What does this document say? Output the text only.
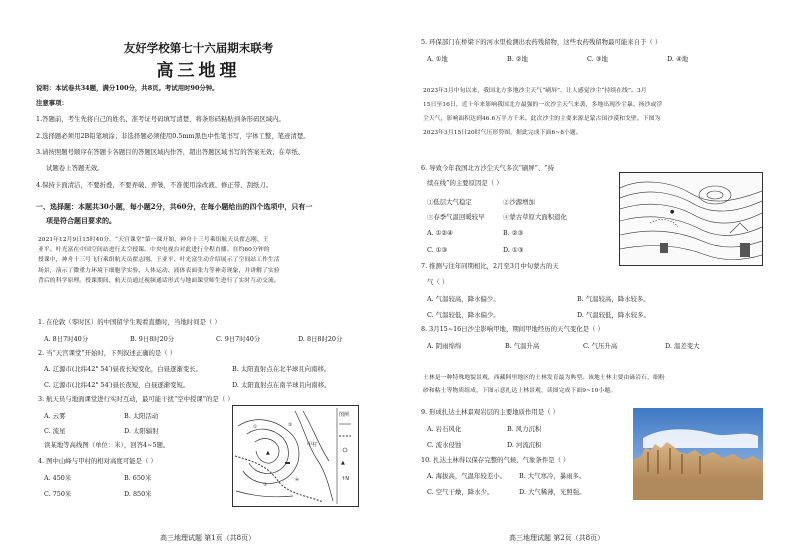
友好学校第七十六届期末联考
高三地理
说明：本试卷共34题，满分100分，共8页。考试用时90分钟。
注意事项：
1.答题前，考生先将自己的姓名、准考证号码填写清楚，将条形码粘贴到条形码区域内。
2.选择题必须用2B铅笔填涂；非选择题必须使用0.5mm黑色中性笔书写，字体工整，笔迹清楚。
3.请按照题号顺序在答题卡各题目的答题区域内作答，超出答题区域书写的答案无效；在草纸、
试题卷上答题无效。
4.保持卡面清洁，不要折叠，不要弄破、弄皱，不准使用涂改液、修正带、刮纸刀。
一、选择题：本题共30小题，每小题2分，共60分，在每小题给出的四个选项中，只有一
项是符合题目要求的。
2021年12月9日15时40分，“天宫课堂”第一课开始，神舟十三号乘组航天员翟志刚、王
亚平、叶光富在中国空间站进行太空授课。中央电视台对此进行全程直播。在约60分钟的
授课中，神舟十三号飞行乘组航天员翟志刚、王亚平、叶光富生动介绍展示了空间站工作生活
场景，演示了微重力环境下细胞学实验、人体运动、液体表面张力等神奇现象，并讲解了实验
背后的科学原理。授课期间，航天员通过视频通话形式与地面课堂师生进行了实时互动交流。
1. 在伦敦（零时区）的中国留学生观看直播时，当地时间是（ ）
A. 8日7时40分	B. 9日8时20分	C. 9日7时40分	D. 8日8时20分
2. 当“天宫课堂”开始时，下列叙述正确的是（ ）
A. 辽源市(北纬42° 54′)昼夜长短变化，白昼逐渐变长。	B. 太阳直射点在北半球且向南移。
C. 辽源市(北纬42° 54′)昼长夜短，白昼逐渐变短。	D. 太阳直射点在南半球且向南移。
3. 航天员与地面课堂进行实时互动，最可能干扰“空中授课”的是（ ）
A. 云雾	B. 太阳活动
C. 流星	D. 太阳辐射
读某地等高线图（单位：米），回答4~5题。
4. 图中山峰与甲村的相对高度可能是（ ）
A. 450米	B. 650米
C. 750米	D. 850米
▲
甲村
①	②
③
④
图例
▲
↑N
高三地理试题 第1页（共8页）
5. 环保部门在桥梁下的河水里检测出农药残留物，这些农药残留物最可能来自于（ ）
A. ①地	B. ②地	C. ③地	D. ④地
2023年3月中旬以来，我国北方多地沙尘天气“刷屏”，让人感觉沙尘“持续在线”。3月
15日至16日，近十年来影响我国北方最强的一次沙尘天气来袭，多地出现沙尘暴、扬沙或浮
尘天气，影响面积达到46.6万平方千米。此次沙尘的主要来源是蒙古国沙漠和戈壁。下图为
2023年3月15日20时气压形势图，据此完成下面6~8小题。
6. 导致今年我国北方沙尘天气多次“刷屏”、“持
续在线”的主要原因是（ ）
①低层大气稳定	②沙源增加
③春季气温回暖较早	④蒙古草原大面积退化
A. ①②④	B. ②③
C. ①③	D. ①③
●
7. 推测与往年同期相比，2月至3月中旬蒙古的天
气（ ）
A. 气温较高，降水偏少。	B. 气温较高，降水较多。
C. 气温较低，降水偏少。	D. 气温较低，降水较多。
8. 3月15~16日沙尘影响甲地，期间甲地经历的天气变化是（ ）
A. 阴雨绵绵	B. 气温升高	C. 气压升高	D. 温差变大
土林是一种特殊地貌景观，西藏阿里地区的土林发育最为典型。该地土林主要由砾岩石，细粉
砂和粘土等物质组成，下图示意扎达土林景观，读图完成下面9~10小题。
9. 形成扎达土林景观岩层的主要地质作用是（ ）
A. 岩石风化	B. 风力沉积
C. 流水侵蚀	D. 河流沉积
10. 扎达土林得以保存完整的气候、气象条件是（ ）
A. 海拔高，气温年较差小。 B. 大气寒冷，暴雨多。
C. 空气干燥，降水少。	D. 大气稀薄，光照强。
高三地理试题 第2页（共8页）
